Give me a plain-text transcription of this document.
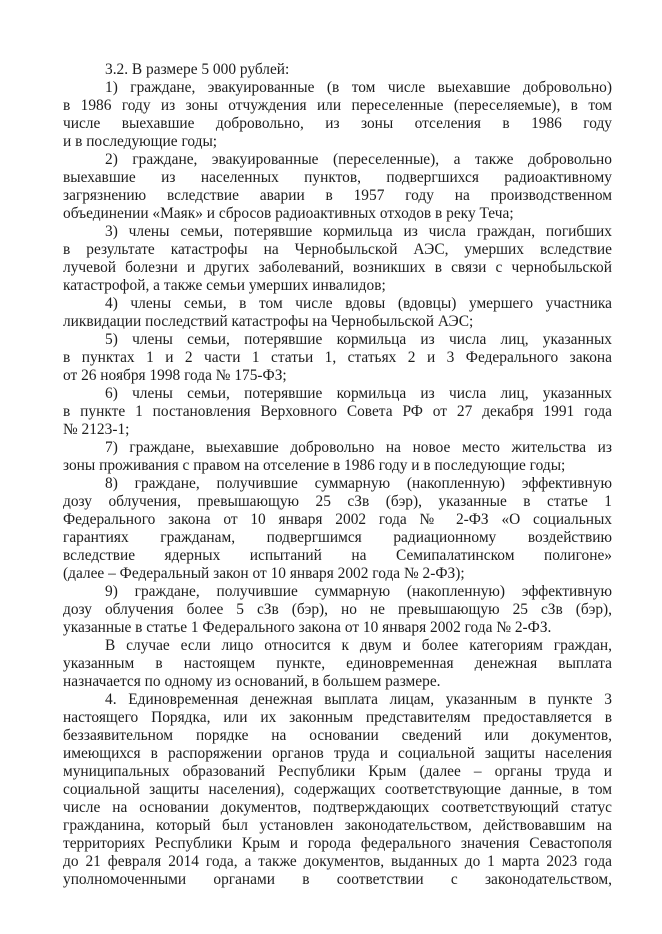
3.2. В размере 5 000 рублей:
1) граждане, эвакуированные (в том числе выехавшие добровольно)
в 1986 году из зоны отчуждения или переселенные (переселяемые), в том
числе выехавшие добровольно, из зоны отселения в 1986 году
и в последующие годы;
2) граждане, эвакуированные (переселенные), а также добровольно
выехавшие из населенных пунктов, подвергшихся радиоактивному
загрязнению вследствие аварии в 1957 году на производственном
объединении «Маяк» и сбросов радиоактивных отходов в реку Теча;
3) члены семьи, потерявшие кормильца из числа граждан, погибших
в результате катастрофы на Чернобыльской АЭС, умерших вследствие
лучевой болезни и других заболеваний, возникших в связи с чернобыльской
катастрофой, а также семьи умерших инвалидов;
4) члены семьи, в том числе вдовы (вдовцы) умершего участника
ликвидации последствий катастрофы на Чернобыльской АЭС;
5) члены семьи, потерявшие кормильца из числа лиц, указанных
в пунктах 1 и 2 части 1 статьи 1, статьях 2 и 3 Федерального закона
от 26 ноября 1998 года № 175-ФЗ;
6) члены семьи, потерявшие кормильца из числа лиц, указанных
в пункте 1 постановления Верховного Совета РФ от 27 декабря 1991 года
№ 2123-1;
7) граждане, выехавшие добровольно на новое место жительства из
зоны проживания с правом на отселение в 1986 году и в последующие годы;
8) граждане, получившие суммарную (накопленную) эффективную
дозу облучения, превышающую 25 сЗв (бэр), указанные в статье 1
Федерального закона от 10 января 2002 года № 2-ФЗ «О социальных
гарантиях гражданам, подвергшимся радиационному воздействию
вследствие ядерных испытаний на Семипалатинском полигоне»
(далее – Федеральный закон от 10 января 2002 года № 2-ФЗ);
9) граждане, получившие суммарную (накопленную) эффективную
дозу облучения более 5 сЗв (бэр), но не превышающую 25 сЗв (бэр),
указанные в статье 1 Федерального закона от 10 января 2002 года № 2-ФЗ.
В случае если лицо относится к двум и более категориям граждан,
указанным в настоящем пункте, единовременная денежная выплата
назначается по одному из оснований, в большем размере.
4. Единовременная денежная выплата лицам, указанным в пункте 3
настоящего Порядка, или их законным представителям предоставляется в
беззаявительном порядке на основании сведений или документов,
имеющихся в распоряжении органов труда и социальной защиты населения
муниципальных образований Республики Крым (далее – органы труда и
социальной защиты населения), содержащих соответствующие данные, в том
числе на основании документов, подтверждающих соответствующий статус
гражданина, который был установлен законодательством, действовавшим на
территориях Республики Крым и города федерального значения Севастополя
до 21 февраля 2014 года, а также документов, выданных до 1 марта 2023 года
уполномоченными органами в соответствии с законодательством,
